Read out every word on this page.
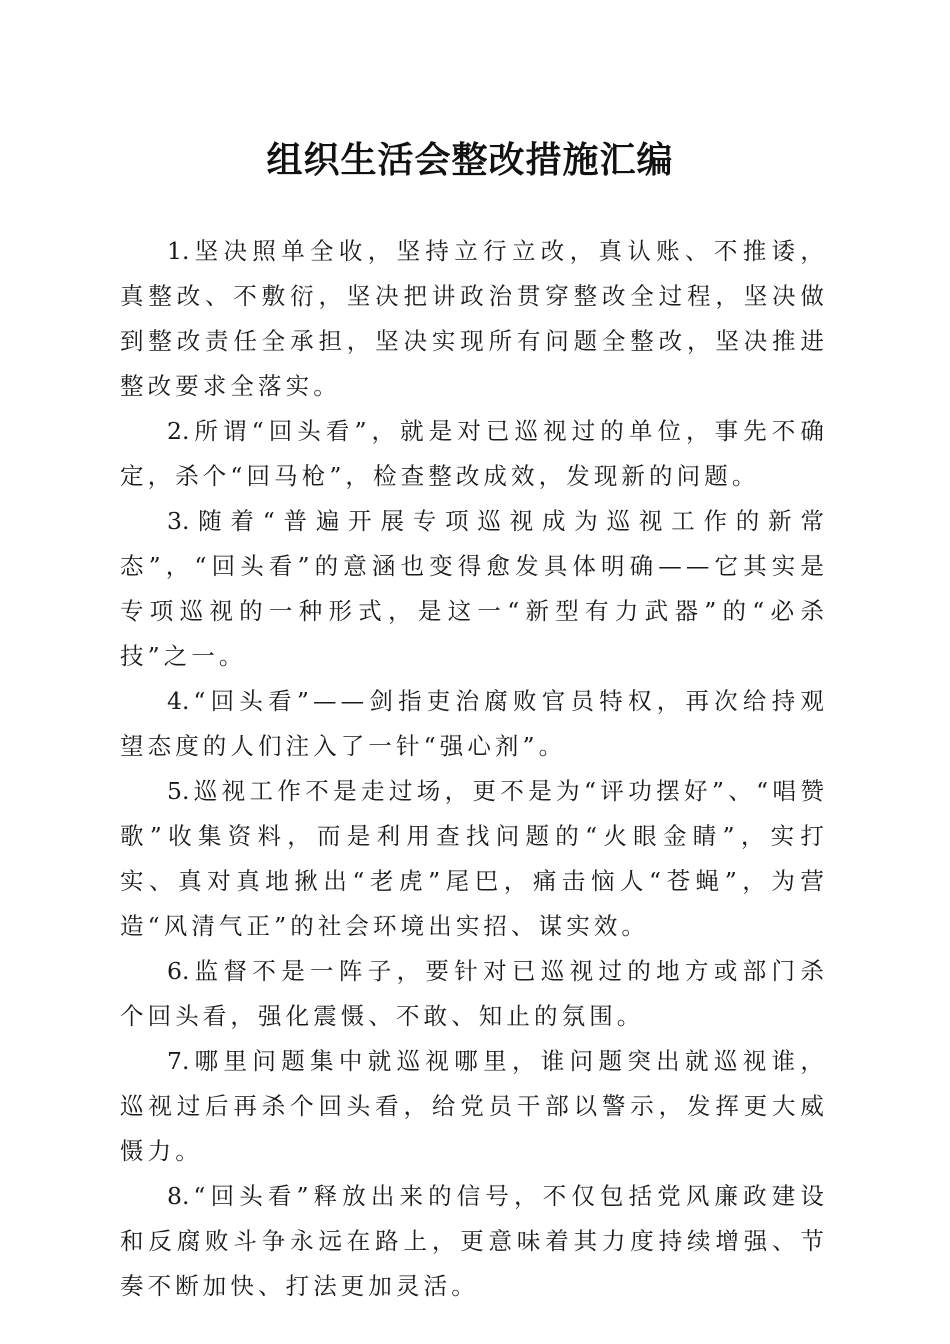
组织生活会整改措施汇编

1. 坚决照单全收，坚持立行立改，真认账、不推诿，真整改、不敷衍，坚决把讲政治贯穿整改全过程，坚决做到整改责任全承担，坚决实现所有问题全整改，坚决推进整改要求全落实。

2. 所谓“回头看”，就是对已巡视过的单位，事先不确定，杀个“回马枪”，检查整改成效，发现新的问题。

3. 随着“普遍开展专项巡视成为巡视工作的新常态”，“回头看”的意涵也变得愈发具体明确——它其实是专项巡视的一种形式，是这一“新型有力武器”的“必杀技”之一。

4. “回头看”——剑指吏治腐败官员特权，再次给持观望态度的人们注入了一针“强心剂”。

5. 巡视工作不是走过场，更不是为“评功摆好”、“唱赞歌”收集资料，而是利用查找问题的“火眼金睛”，实打实、真对真地揪出“老虎”尾巴，痛击恼人“苍蝇”，为营造“风清气正”的社会环境出实招、谋实效。

6. 监督不是一阵子，要针对已巡视过的地方或部门杀个回头看，强化震慑、不敢、知止的氛围。

7. 哪里问题集中就巡视哪里，谁问题突出就巡视谁，巡视过后再杀个回头看，给党员干部以警示，发挥更大威慑力。

8. “回头看”释放出来的信号，不仅包括党风廉政建设和反腐败斗争永远在路上，更意味着其力度持续增强、节奏不断加快、打法更加灵活。
